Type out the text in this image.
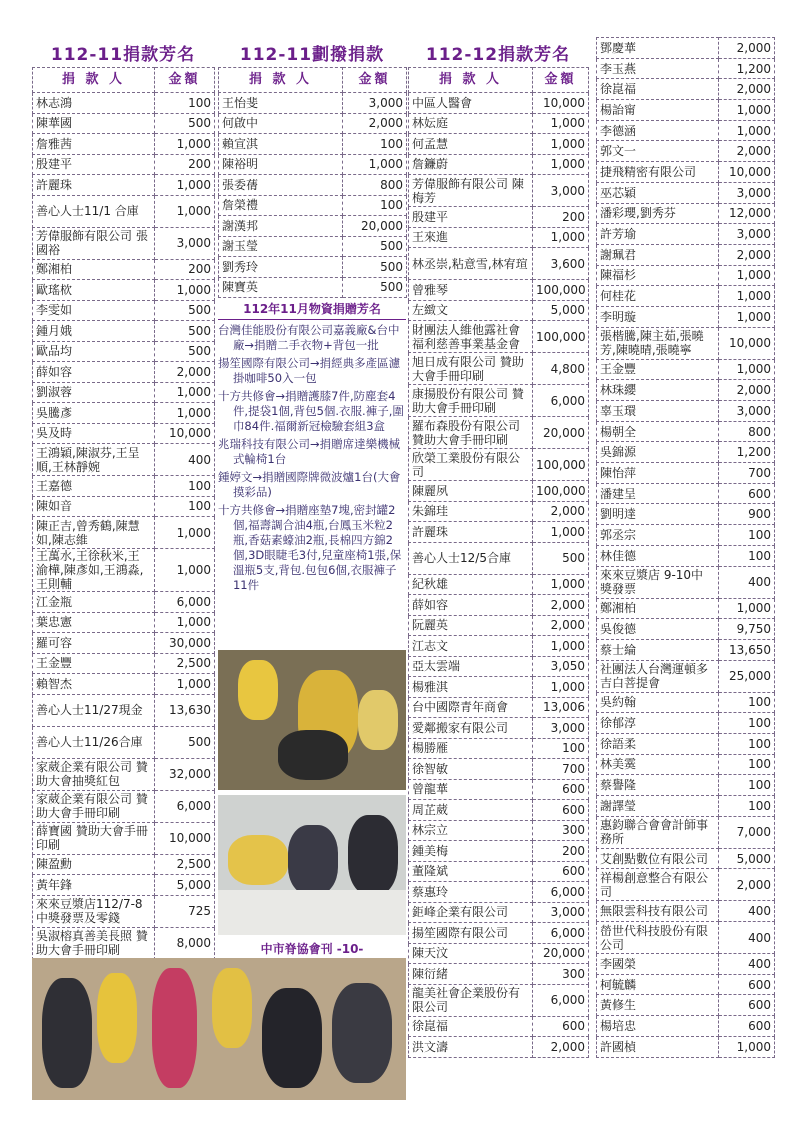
112-11捐款芳名
捐 款 人	金額
林志鴻	100
陳華國	500
詹雅茜	1,000
殷建平	200
許麗珠	1,000
善心人士11/1 合庫	1,000
芳偉服飾有限公司 張國裕	3,000
鄭湘柏	200
歐瑤栨	1,000
李雯如	500
鍾月娥	500
歐品均	500
薛如容	2,000
劉淑蓉	1,000
吳騰彥	1,000
吳及時	10,000
王鴻穎,陳淑芬,王呈順,王林靜婉	400
王嘉德	100
陳如音	100
陳正吉,曾秀鶴,陳慧如,陳志維	1,000
王萬水,王徐秋米,王渝樺,陳彥如,王鴻淼,王則輔	1,000
江金瓶	6,000
葉忠憲	1,000
羅可容	30,000
王金豐	2,500
賴智杰	1,000
善心人士11/27現金	13,630
善心人士11/26合庫	500
家葳企業有限公司 贊助大會抽獎紅包	32,000
家葳企業有限公司 贊助大會手冊印刷	6,000
薛寶國 贊助大會手冊印刷	10,000
陳盈勳	2,500
黃年鋒	5,000
來來豆漿店112/7-8 中獎發票及零錢	725
吳淑榕真善美長照 贊助大會手冊印刷	8,000
112-11劃撥捐款
捐 款 人	金額
王怡斐	3,000
何啟中	2,000
賴宣淇	100
陳裕明	1,000
張委蒨	800
詹榮禮	100
謝漢邦	20,000
謝玉瑩	500
劉秀玲	500
陳寶英	500
112年11月物資捐贈芳名

台灣佳能股份有限公司嘉義廠&台中廠→捐贈二手衣物+背包一批

揚笙國際有限公司→捐經典多產區濾掛咖啡50入一包

十方共修會→捐贈護膝7件,防塵套4件,提袋1個,背包5個.衣服.褲子,圍巾84件.福爾新冠檢驗套組3盒

兆瑞科技有限公司→捐贈席達樂機械式輪椅1台

鍾婷文→捐贈國際牌微波爐1台(大會摸彩品)

十方共修會→捐贈座墊7塊,密封罐2個,福壽調合油4瓶,台鳳玉米粒2瓶,香菇素蠔油2瓶,長棉四方錦2個,3D眼睫毛3付,兒童座椅1張,保溫瓶5支,背包.包包6個,衣服褲子11件

中市脊協會刊 -10-
112-12捐款芳名
捐 款 人	金額
中區人醫會	10,000
林妘庭	1,000
何孟慧	1,000
詹鐮蔚	1,000
芳偉服飾有限公司 陳梅芳	3,000
殷建平	200
王來進	1,000
林丞崇,粘意雪,林宥瑄	3,600
曾雅琴	100,000
左緻文	5,000
財團法人維他露社會福利慈善事業基金會	100,000
旭日成有限公司 贊助大會手冊印刷	4,800
康揚股份有限公司 贊助大會手冊印刷	6,000
羅布森股份有限公司 贊助大會手冊印刷	20,000
欣榮工業股份有限公司	100,000
陳麗夙	100,000
朱錦珪	2,000
許麗珠	1,000
善心人士12/5合庫	500
紀秋雄	1,000
薛如容	2,000
阮麗英	2,000
江志文	1,000
亞太雲端	3,050
楊雅淇	1,000
台中國際青年商會	13,006
愛鄰搬家有限公司	3,000
楊勝雁	100
徐智敏	700
曾龍華	600
周芷葳	600
林宗立	300
鍾美梅	200
董隆斌	600
蔡惠玲	6,000
鉅峰企業有限公司	3,000
揚笙國際有限公司	6,000
陳天汶	20,000
陳衍緒	300
龍美社會企業股份有限公司	6,000
徐崑福	600
洪文濤	2,000
鄧慶華	2,000
李玉燕	1,200
徐崑福	2,000
楊詒甯	1,000
李德涵	1,000
郭文一	2,000
捷飛精密有限公司	10,000
巫芯穎	3,000
潘彩瓔,劉秀芬	12,000
許芳瑜	3,000
謝珮君	2,000
陳福杉	1,000
何桂花	1,000
李明璇	1,000
張楷騰,陳主茹,張曉芳,陳曉晴,張曉寧	10,000
王金豐	1,000
林珠纓	2,000
辜玉環	3,000
楊朝全	800
吳錦源	1,200
陳怡萍	700
潘建呈	600
劉明達	900
郭丞宗	100
林佳德	100
來來豆漿店 9-10中獎發票	400
鄭湘柏	1,000
吳俊德	9,750
蔡士綸	13,650
社團法人台灣運頓多吉白菩提會	25,000
吳約翰	100
徐郁淳	100
徐語柔	100
林美霙	100
蔡譽隆	100
謝譯瑩	100
惠鈞聯合會會計師事務所	7,000
艾創點數位有限公司	5,000
祥楊創意整合有限公司	2,000
無限雲科技有限公司	400
嵤世代科技股份有限公司	400
李國榮	400
柯毓麟	600
黃修生	600
楊培忠	600
許國楨	1,000
